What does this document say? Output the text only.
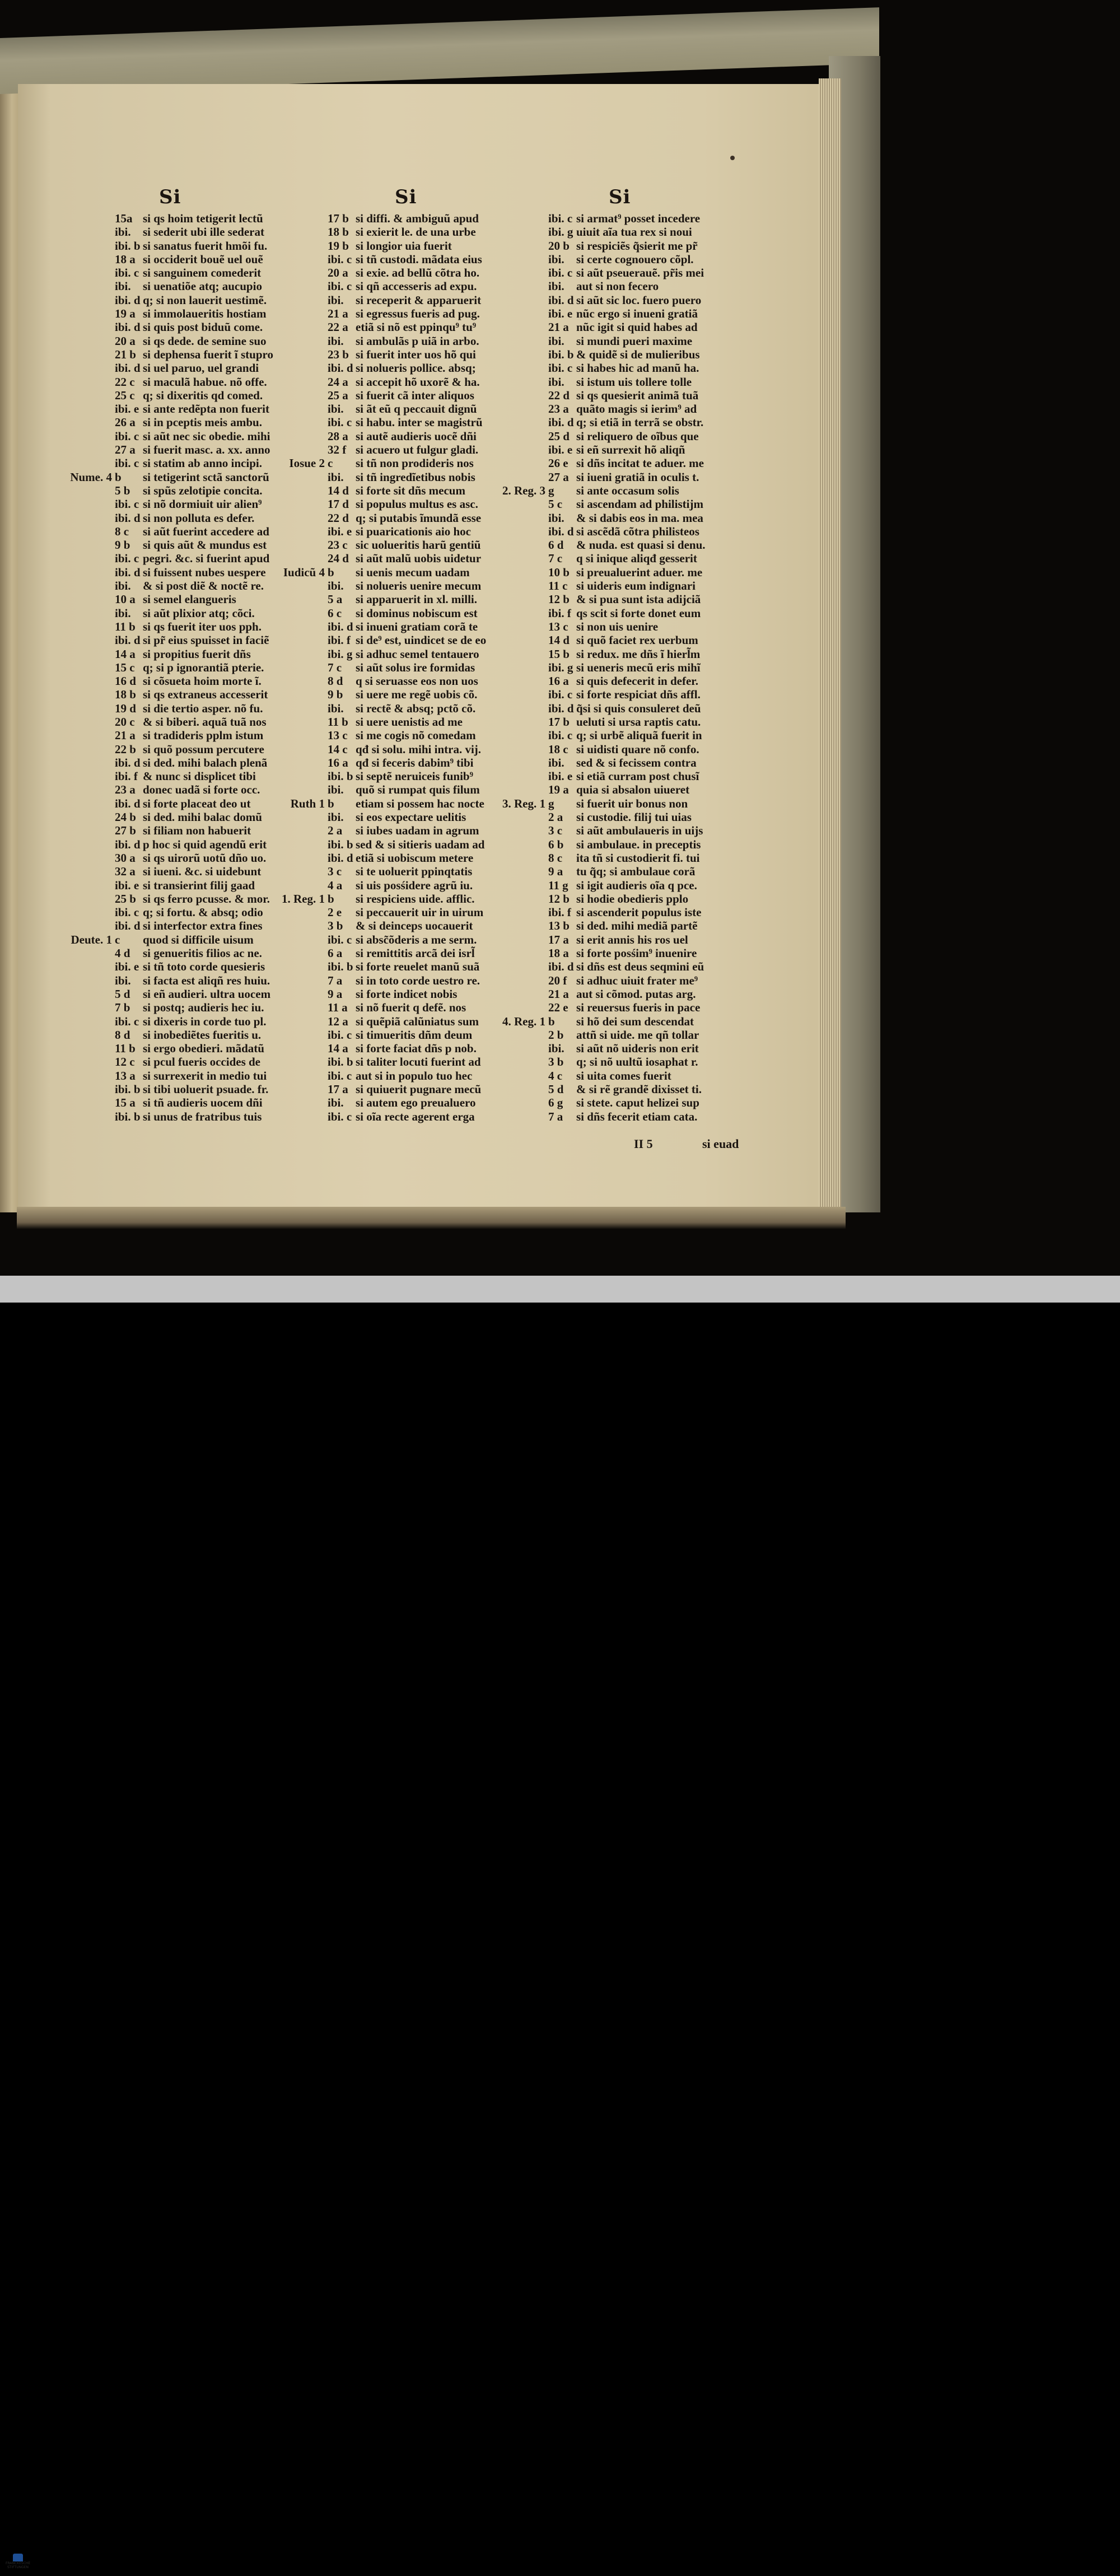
Si	Si	Si
15a si qs hoim tetigerit lectũ
ibi.	si sederit ubi ille sederat
ibi. b si sanatus fuerit hmõi fu.
18 a si occiderit bouẽ uel ouẽ
ibi. c si sanguinem comederit
ibi.	si uenatiõe atq; aucupio
ibi. d q; si non lauerit uestimẽ.
19 a si immolaueritis hostiam
ibi. d si quis post biduũ come.
20 a si qs dede. de semine suo
21 b si dephensa fuerit ĩ stupro
ibi. d si uel paruo, uel grandi
22 c si maculã habue. nõ offe.
25 c q; si dixeritis qd comed.
ibi. e si ante redẽpta non fuerit
26 a si in pceptis meis ambu.
ibi. c si aũt nec sic obedie. mihi
27 a si fuerit masc. a. xx. anno
ibi. c si statim ab anno incipi.
Nume. 4 b	si tetigerint sctã sanctorũ
5 b	si spũs zelotipie concita.
ibi. c si nõ dormiuit uir alien⁹
ibi. d si non polluta es defer.
8 c	si aũt fuerint accedere ad
9 b	si quis aũt & mundus est
ibi. c pegri. &c. si fuerint apud
ibi. d si fuissent nubes uespere
ibi.	& si post diẽ & noctẽ re.
10 a si semel elangueris
ibi.	si aũt plixior atq; cõci.
11 b si qs fuerit iter uos pph.
ibi. d si pr̃ eius spuisset in faciẽ
14 a si propitius fuerit dñs
15 c q; si p ignorantiã pterie.
16 d si cõsueta hoim morte ĩ.
18 b si qs extraneus accesserit
19 d si die tertio asper. nõ fu.
20 c & si biberi. aquã tuã nos
21 a si tradideris pplm istum
22 b si quõ possum percutere
ibi. d si ded. mihi balach plenã
ibi. f & nunc si displicet tibi
23 a donec uadã si forte occ.
ibi. d si forte placeat deo ut
24 b si ded. mihi balac domũ
27 b si filiam non habuerit
ibi. d p hoc si quid agendũ erit
30 a si qs uirorũ uotũ dño uo.
32 a si iueni. &c. si uidebunt
ibi. e si transierint filij gaad
25 b si qs ferro pcusse. & mor.
ibi. c q; si fortu. & absq; odio
ibi. d si interfector extra fines
Deute. 1 c	quod si difficile uisum
4 d	si genueritis filios ac ne.
ibi. e si tñ toto corde quesieris
ibi.	si facta est aliqñ res huiu.
5 d	si eñ audieri. ultra uocem
7 b	si postq; audieris hec iu.
ibi. c si dixeris in corde tuo pl.
8 d	si inobediẽtes fueritis u.
11 b si ergo obedieri. mãdatũ
12 c si pcul fueris occides de
13 a si surrexerit in medio tui
ibi. b si tibi uoluerit psuade. fr.
15 a si tñ audieris uocem dñi
ibi. b si unus de fratribus tuis
17 b si diffi. & ambiguũ apud
18 b si exierit le. de una urbe
19 b si longior uia fuerit
ibi. c si tñ custodi. mãdata eius
20 a si exie. ad bellũ cõtra ho.
ibi. c si qñ accesseris ad expu.
ibi.	si receperit & apparuerit
21 a si egressus fueris ad pug.
22 a etiã si nõ est ppinqu⁹ tu⁹
ibi.	si ambulãs p uiã in arbo.
23 b si fuerit inter uos hõ qui
ibi. d si nolueris pollice. absq;
24 a si accepit hõ uxorẽ & ha.
25 a si fuerit cã inter aliquos
ibi.	si ãt eũ q peccauit dignũ
ibi. c si habu. inter se magistrũ
28 a si autẽ audieris uocẽ dñi
32 f si acuero ut fulgur gladi.
Iosue 2 c	si tñ non prodideris nos
ibi.	si tñ ingredĩetibus nobis
14 d si forte sit dñs mecum
17 d si populus multus es asc.
22 d q; si putabis ĩmundã esse
ibi. e si puaricationis aio hoc
23 c sic uolueritis harũ gentiũ
24 d si aũt malũ uobis uidetur
Iudicũ 4 b	si uenis mecum uadam
ibi.	si nolueris uenire mecum
5 a	si apparuerit in xl. milli.
6 c	si dominus nobiscum est
ibi. d si inueni gratiam corã te
ibi. f si de⁹ est, uindicet se de eo
ibi. g si adhuc semel tentauero
7 c	si aũt solus ire formidas
8 d	q si seruasse eos non uos
9 b	si uere me regẽ uobis cõ.
ibi.	si rectẽ & absq; pctõ cõ.
11 b si uere uenistis ad me
13 c si me cogis nõ comedam
14 c qđ si solu. mihi intra. vij.
16 a qđ si feceris dabim⁹ tibi
ibi. b si septẽ neruiceis funib⁹
ibi.	quõ si rumpat quis filum
Ruth 1 b	etiam si possem hac nocte
ibi.	si eos expectare uelitis
2 a	si iubes uadam in agrum
ibi. b sed & si sitieris uadam ad
ibi. d etiã si uobiscum metere
3 c	si te uoluerit ppinqtatis
4 a	si uis posśidere agrũ iu.
1. Reg. 1 b	si respiciens uide. afflic.
2 e	si peccauerit uir in uirum
3 b	& si deinceps uocauerit
ibi. c si absc̃õderis a me serm.
6 a	si remittitis arcã dei isrl̃
ibi. b si forte reuelet manũ suã
7 a	si in toto corde uestro re.
9 a	si forte indicet nobis
11 a si nõ fuerit q defẽ. nos
12 a si quẽpiã calũniatus sum
ibi. c si timueritis dñm deum
14 a si forte faciat dñs p nob.
ibi. b si taliter locuti fuerint ad
ibi. c aut si in populo tuo hec
17 a si quiuerit pugnare mecũ
ibi.	si autem ego preualuero
ibi. c si oĩa recte agerent erga
ibi. c si armat⁹ posset incedere
ibi. g uiuit aĩa tua rex si noui
20 b si respiciẽs q̃sierit me pr̃
ibi.	si certe cognouero cõpl.
ibi. c si aũt pseuerauẽ. pr̃is mei
ibi.	aut si non fecero
ibi. d si aũt sic loc. fuero puero
ibi. e nũc ergo si inueni gratiã
21 a nũc igit si quid habes ad
ibi.	si mundi pueri maxime
ibi. b & quidẽ si de mulieribus
ibi. c si habes hic ad manũ ha.
ibi.	si istum uis tollere tolle
22 d si qs quesierit animã tuã
23 a quãto magis si ierim⁹ ad
ibi. d q; si etiã in terrã se obstr.
25 d si reliquero de oĩbus que
ibi. e si eñ surrexit hõ aliqñ
26 e si dñs incitat te aduer. me
27 a si iueni gratiã in oculis t.
2. Reg. 3 g	si ante occasum solis
5 c	si ascendam ad philistijm
ibi.	& si dabis eos in ma. mea
ibi. d si ascẽdã cõtra philisteos
6 d	& nuda. est quasi si denu.
7 c	q si inique aliqđ gesserit
10 b si preualuerint aduer. me
11 c si uideris eum indignari
12 b & si pua sunt ista adijciã
ibi. f qs scit si forte donet eum
13 c si non uis uenire
14 d si quõ faciet rex uerbum
15 b si redux. me dñs ĩ hierl̃m
ibi. g si ueneris mecũ eris mihĩ
16 a si quis defecerit in defer.
ibi. c si forte respiciat dñs affl.
ibi. d q̃si si quis consuleret deũ
17 b ueluti si ursa raptis catu.
ibi. c q; si urbẽ aliquã fuerit in
18 c si uidisti quare nõ confo.
ibi.	sed & si fecissem contra
ibi. e si etiã curram post chusĩ
19 a quia si absalon uiueret
3. Reg. 1 g	si fuerit uir bonus non
2 a	si custodie. filij tui uias
3 c	si aũt ambulaueris in uijs
6 b	si ambulaue. in preceptis
8 c	ita tñ si custodierit fi. tui
9 a	tu q̃q; si ambulaue corã
11 g si igit audieris oĩa q pce.
12 b si hodie obedieris pplo
ibi. f si ascenderit populus iste
13 b si ded. mihi mediã partẽ
17 a si erit annis his ros uel
18 a si forte posśim⁹ inuenire
ibi. d si dñs est deus seqmini eũ
20 f si adhuc uiuit frater me⁹
21 a aut si cõmod. putas arg.
22 e si reuersus fueris in pace
4. Reg. 1 b	si hõ dei sum descendat
2 b	attñ si uide. me qñ tollar
ibi.	si aũt nõ uideris non erit
3 b	q; si nõ uultũ iosaphat r.
4 c	si uita comes fuerit
5 d	& si rẽ grandẽ dixisset ti.
6 g	si stete. caput helizei sup
7 a	si dñs fecerit etiam cata.
II 5	si euad
FRANCKESCHE
STIFTUNGEN
